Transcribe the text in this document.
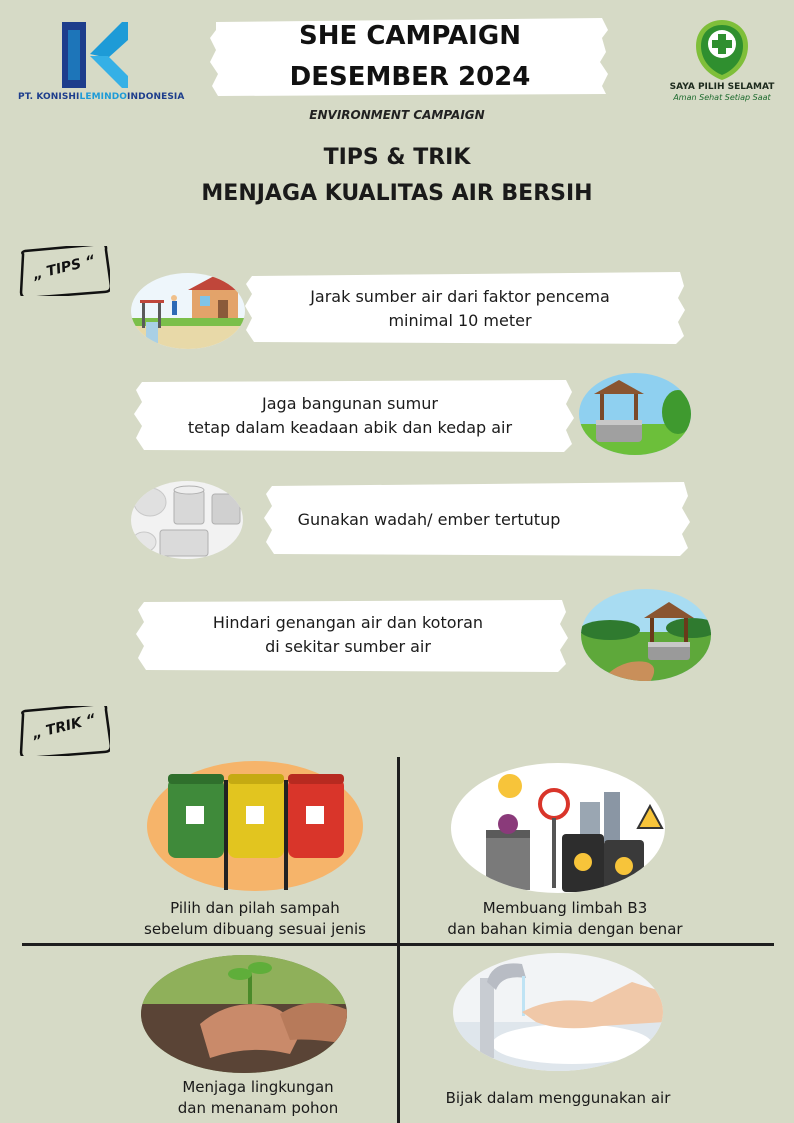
PT. KONISHILEMINDOINDONESIA
SHE CAMPAIGN
DESEMBER 2024
ENVIRONMENT CAMPAIGN
SAYA PILIH SELAMAT
Aman Sehat Setiap Saat
TIPS & TRIK
MENJAGA KUALITAS AIR BERSIH
„ TIPS “
Jarak sumber air dari faktor pencema
minimal 10 meter
Jaga bangunan sumur
tetap dalam keadaan abik dan kedap air
Gunakan wadah/ ember tertutup
Hindari genangan air dan kotoran
di sekitar sumber air
„ TRIK “
Pilih dan pilah sampah
sebelum dibuang sesuai jenis
Membuang limbah B3
dan bahan kimia dengan benar
Menjaga lingkungan
dan menanam pohon
Bijak dalam menggunakan air
